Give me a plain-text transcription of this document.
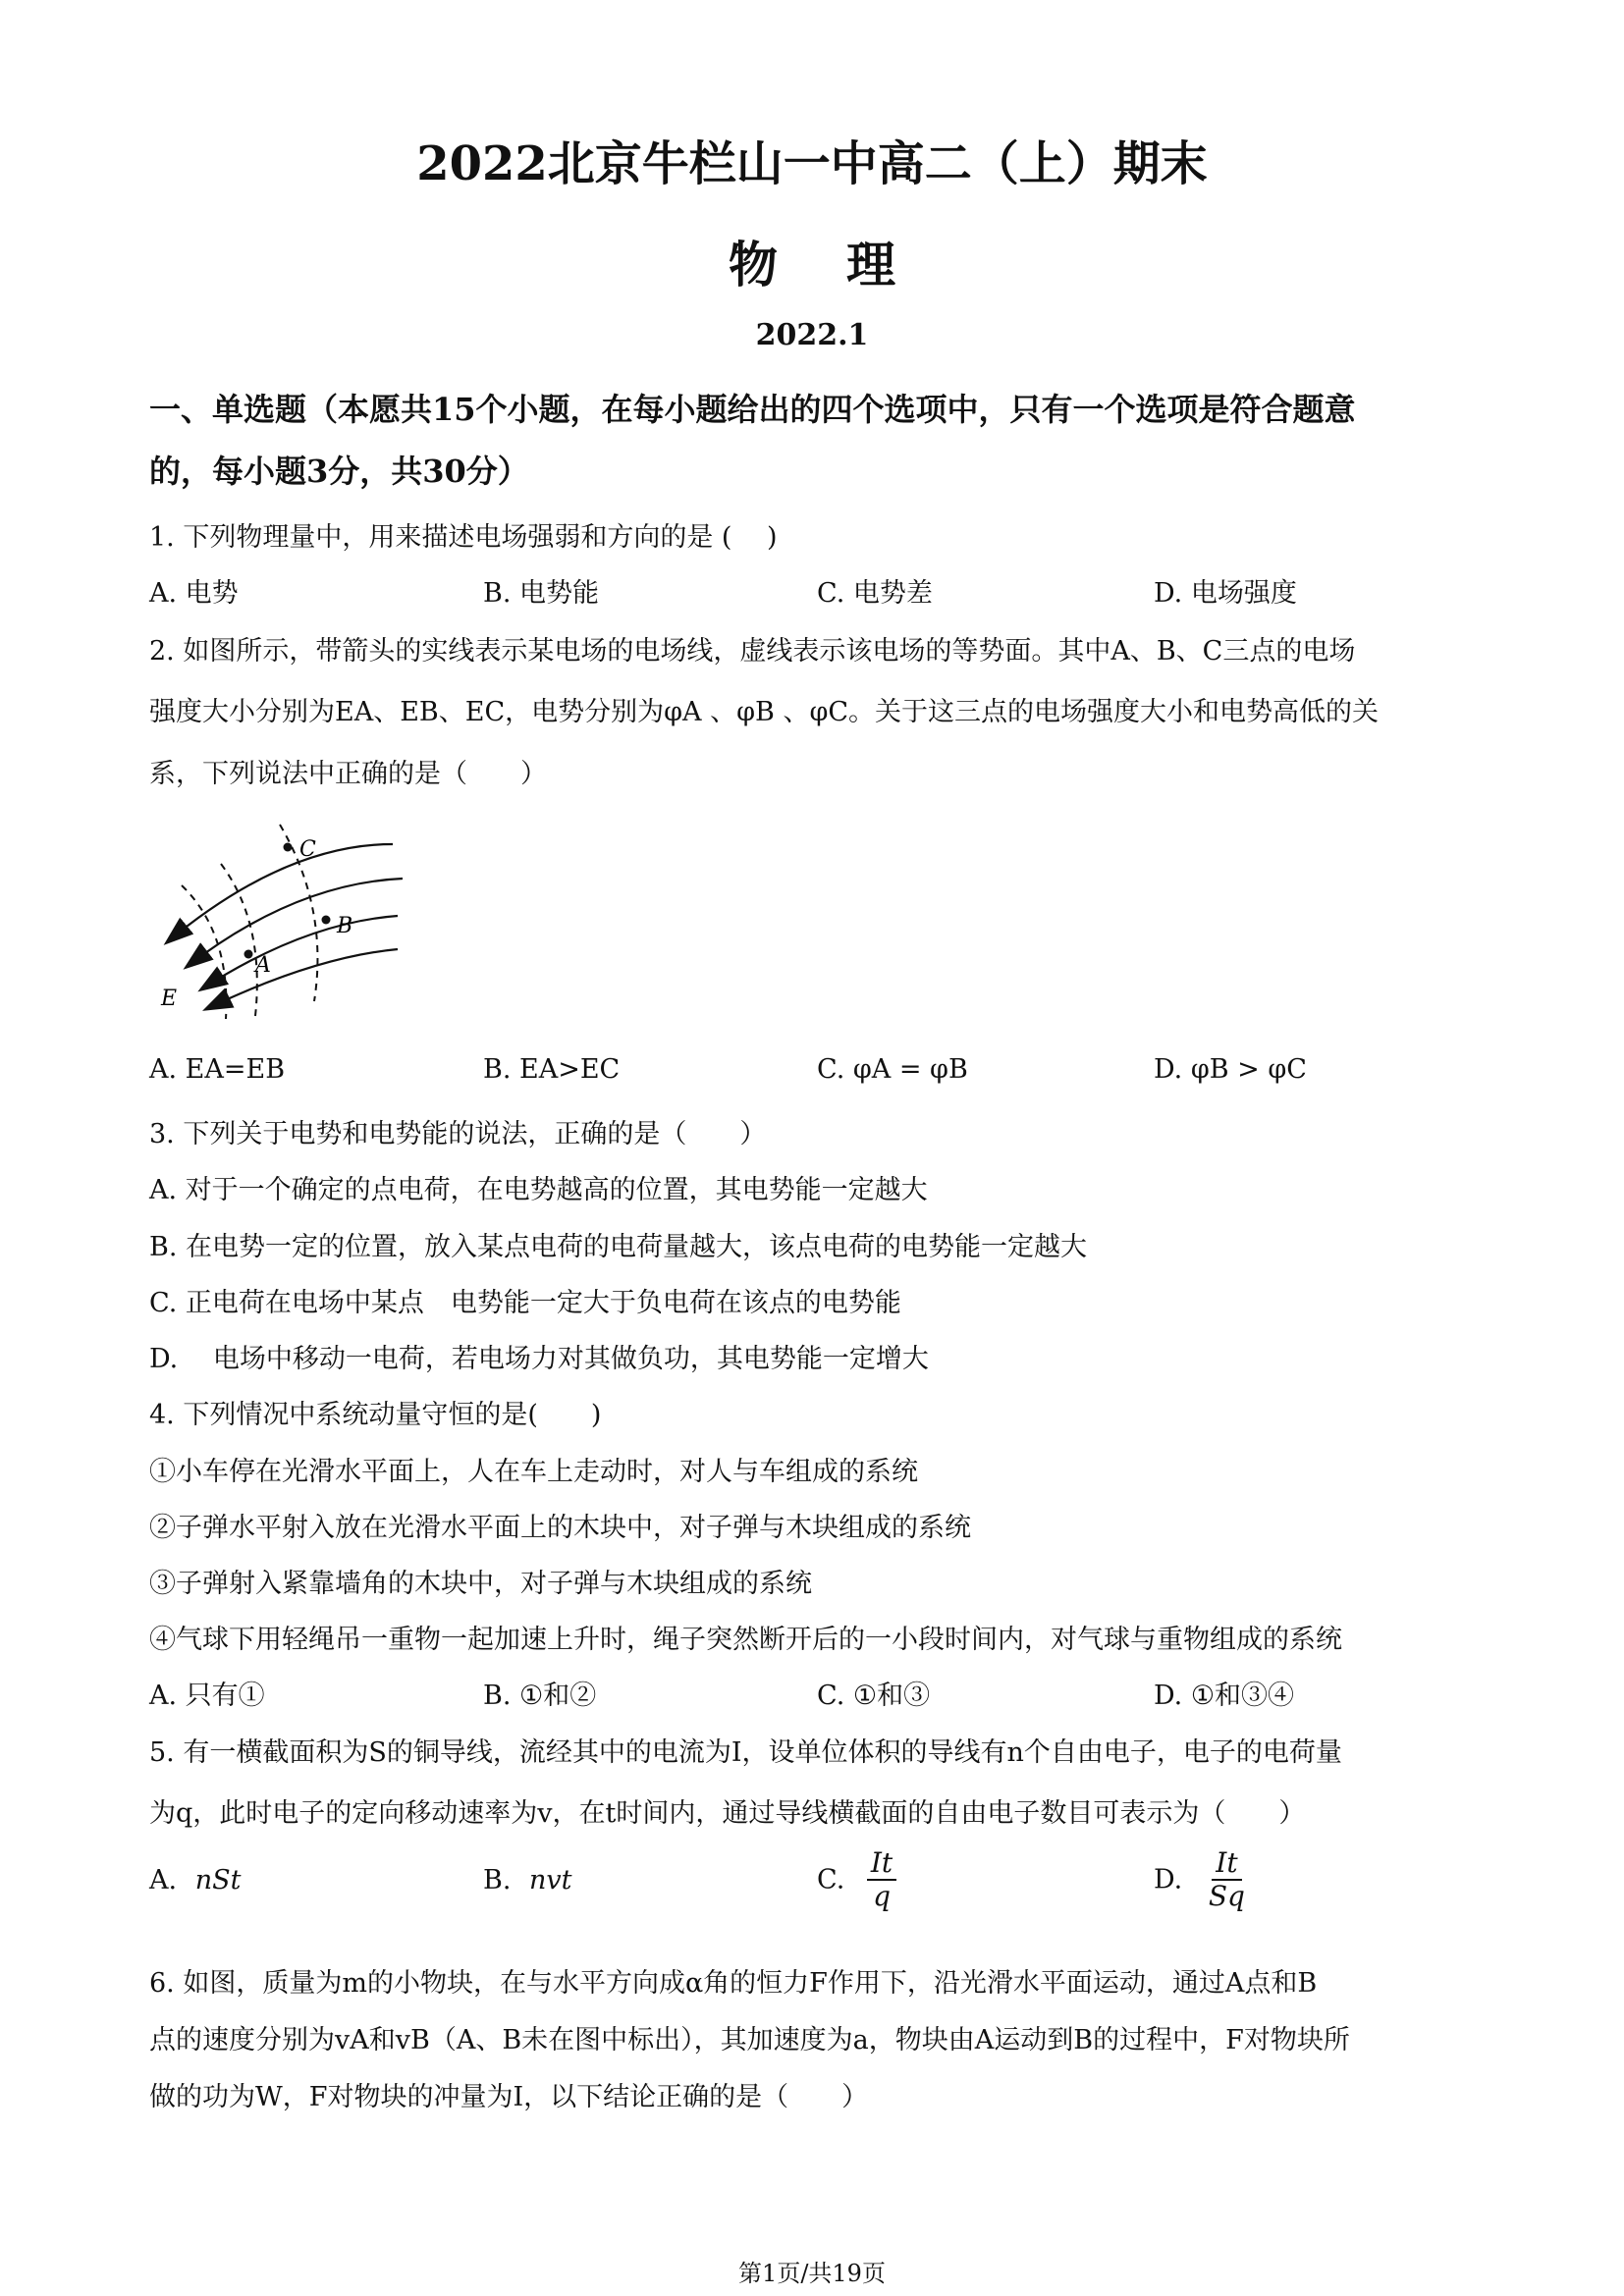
2022北京牛栏山一中高二（上）期末
物理
2022.1
一、单选题（本愿共15个小题，在每小题给出的四个选项中，只有一个选项是符合题意
的，每小题3分，共30分）
1. 下列物理量中，用来描述电场强弱和方向的是 (　 )
A. 电势	B. 电势能	C. 电势差	D. 电场强度
2. 如图所示，带箭头的实线表示某电场的电场线，虚线表示该电场的等势面。其中A、B、C三点的电场
强度大小分别为EA、EB、EC，电势分别为φA 、φB 、φC。关于这三点的电场强度大小和电势高低的关
系，下列说法中正确的是（　　）
C
B
A
E
A. EA=EB	B. EA>EC	C. φA = φB	D. φB > φC
3. 下列关于电势和电势能的说法，正确的是（　　）
A. 对于一个确定的点电荷，在电势越高的位置，其电势能一定越大
B. 在电势一定的位置，放入某点电荷的电荷量越大，该点电荷的电势能一定越大
C. 正电荷在电场中某点　电势能一定大于负电荷在该点的电势能
D.　 电场中移动一电荷，若电场力对其做负功，其电势能一定增大
4. 下列情况中系统动量守恒的是(　　)
①小车停在光滑水平面上，人在车上走动时，对人与车组成的系统
②子弹水平射入放在光滑水平面上的木块中，对子弹与木块组成的系统
③子弹射入紧靠墙角的木块中，对子弹与木块组成的系统
④气球下用轻绳吊一重物一起加速上升时，绳子突然断开后的一小段时间内，对气球与重物组成的系统
A. 只有①	B. ①和②	C. ①和③	D. ①和③④
5. 有一横截面积为S的铜导线，流经其中的电流为I，设单位体积的导线有n个自由电子，电子的电荷量
为q，此时电子的定向移动速率为v，在t时间内，通过导线横截面的自由电子数目可表示为（　　）
A. nSt	B. nvt	C. $\frac{It}{q}$	D. $\frac{It}{Sq}$
6. 如图，质量为m的小物块，在与水平方向成α角的恒力F作用下，沿光滑水平面运动，通过A点和B
点的速度分别为vA和vB（A、B未在图中标出），其加速度为a，物块由A运动到B的过程中，F对物块所
做的功为W，F对物块的冲量为I，以下结论正确的是（　　）
第1页/共19页
